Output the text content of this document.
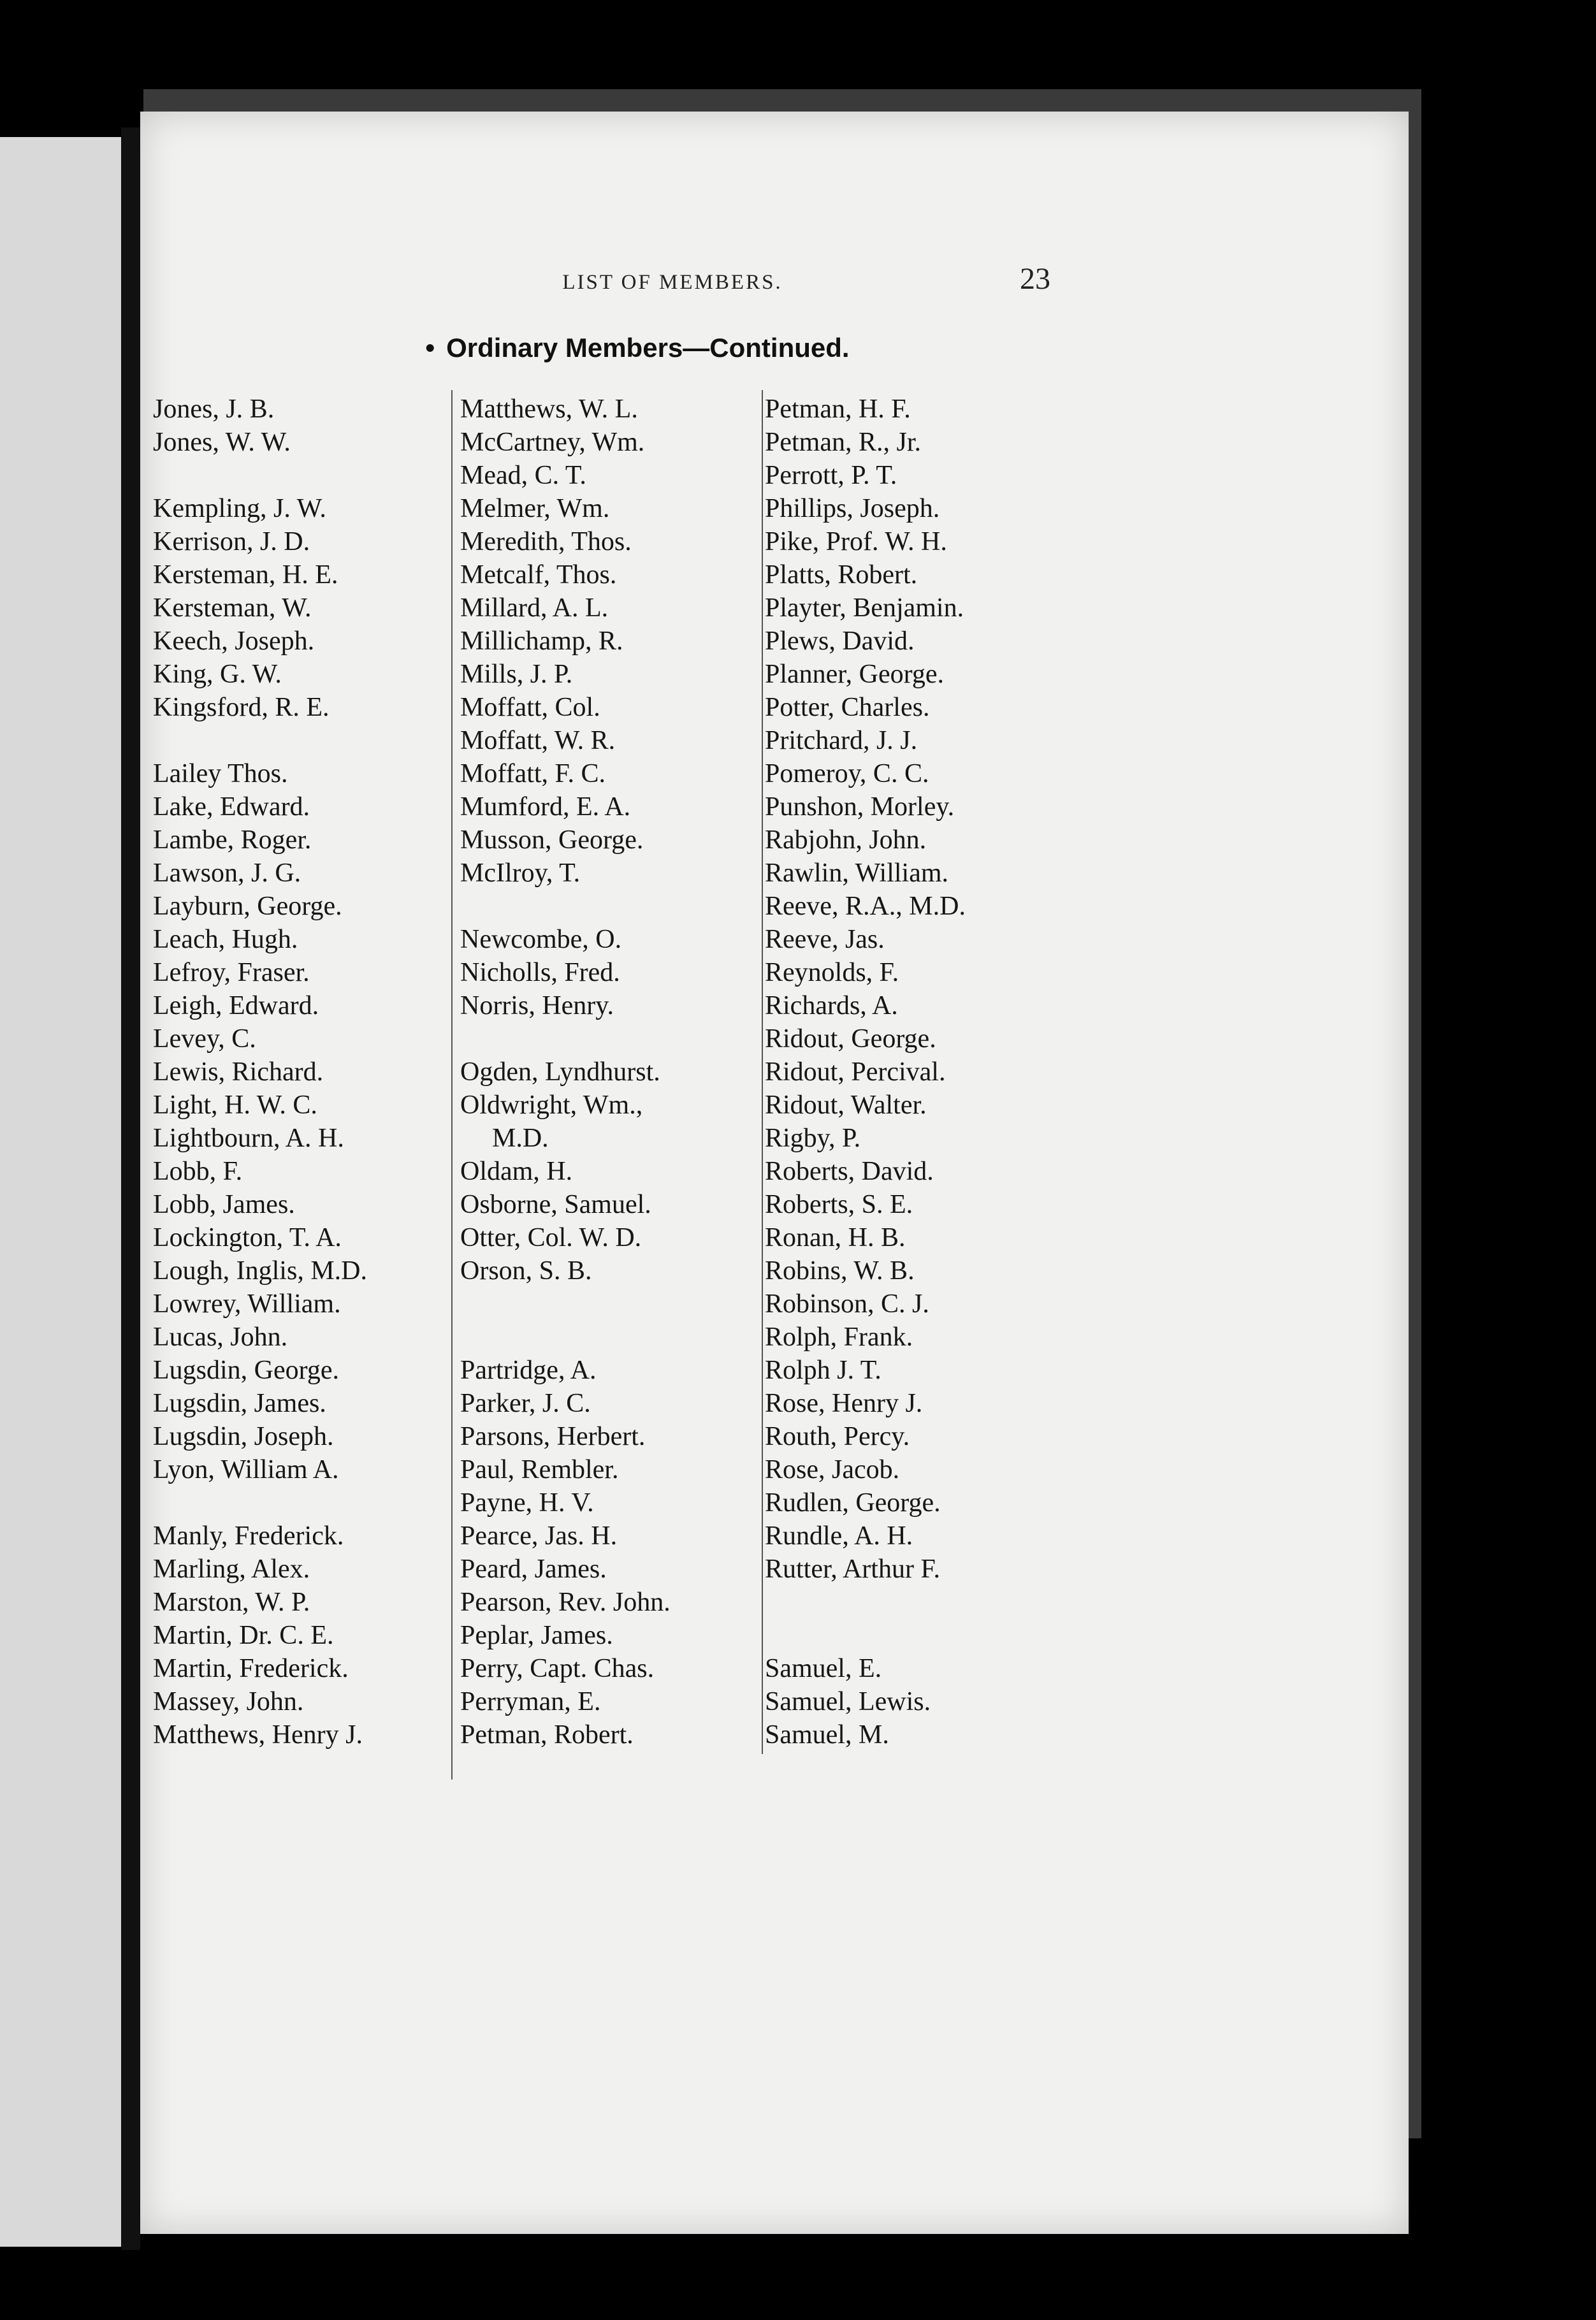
LIST OF MEMBERS.	23
• Ordinary Members—Continued.
Jones, J. B.
Jones, W. W.
Kempling, J. W.
Kerrison, J. D.
Kersteman, H. E.
Kersteman, W.
Keech, Joseph.
King, G. W.
Kingsford, R. E.
Lailey Thos.
Lake, Edward.
Lambe, Roger.
Lawson, J. G.
Layburn, George.
Leach, Hugh.
Lefroy, Fraser.
Leigh, Edward.
Levey, C.
Lewis, Richard.
Light, H. W. C.
Lightbourn, A. H.
Lobb, F.
Lobb, James.
Lockington, T. A.
Lough, Inglis, M.D.
Lowrey, William.
Lucas, John.
Lugsdin, George.
Lugsdin, James.
Lugsdin, Joseph.
Lyon, William A.
Manly, Frederick.
Marling, Alex.
Marston, W. P.
Martin, Dr. C. E.
Martin, Frederick.
Massey, John.
Matthews, Henry J.
Matthews, W. L.
McCartney, Wm.
Mead, C. T.
Melmer, Wm.
Meredith, Thos.
Metcalf, Thos.
Millard, A. L.
Millichamp, R.
Mills, J. P.
Moffatt, Col.
Moffatt, W. R.
Moffatt, F. C.
Mumford, E. A.
Musson, George.
McIlroy, T.
Newcombe, O.
Nicholls, Fred.
Norris, Henry.
Ogden, Lyndhurst.
Oldwright, Wm.,
M.D.
Oldam, H.
Osborne, Samuel.
Otter, Col. W. D.
Orson, S. B.
Partridge, A.
Parker, J. C.
Parsons, Herbert.
Paul, Rembler.
Payne, H. V.
Pearce, Jas. H.
Peard, James.
Pearson, Rev. John.
Peplar, James.
Perry, Capt. Chas.
Perryman, E.
Petman, Robert.
Petman, H. F.
Petman, R., Jr.
Perrott, P. T.
Phillips, Joseph.
Pike, Prof. W. H.
Platts, Robert.
Playter, Benjamin.
Plews, David.
Planner, George.
Potter, Charles.
Pritchard, J. J.
Pomeroy, C. C.
Punshon, Morley.
Rabjohn, John.
Rawlin, William.
Reeve, R.A., M.D.
Reeve, Jas.
Reynolds, F.
Richards, A.
Ridout, George.
Ridout, Percival.
Ridout, Walter.
Rigby, P.
Roberts, David.
Roberts, S. E.
Ronan, H. B.
Robins, W. B.
Robinson, C. J.
Rolph, Frank.
Rolph J. T.
Rose, Henry J.
Routh, Percy.
Rose, Jacob.
Rudlen, George.
Rundle, A. H.
Rutter, Arthur F.
Samuel, E.
Samuel, Lewis.
Samuel, M.
